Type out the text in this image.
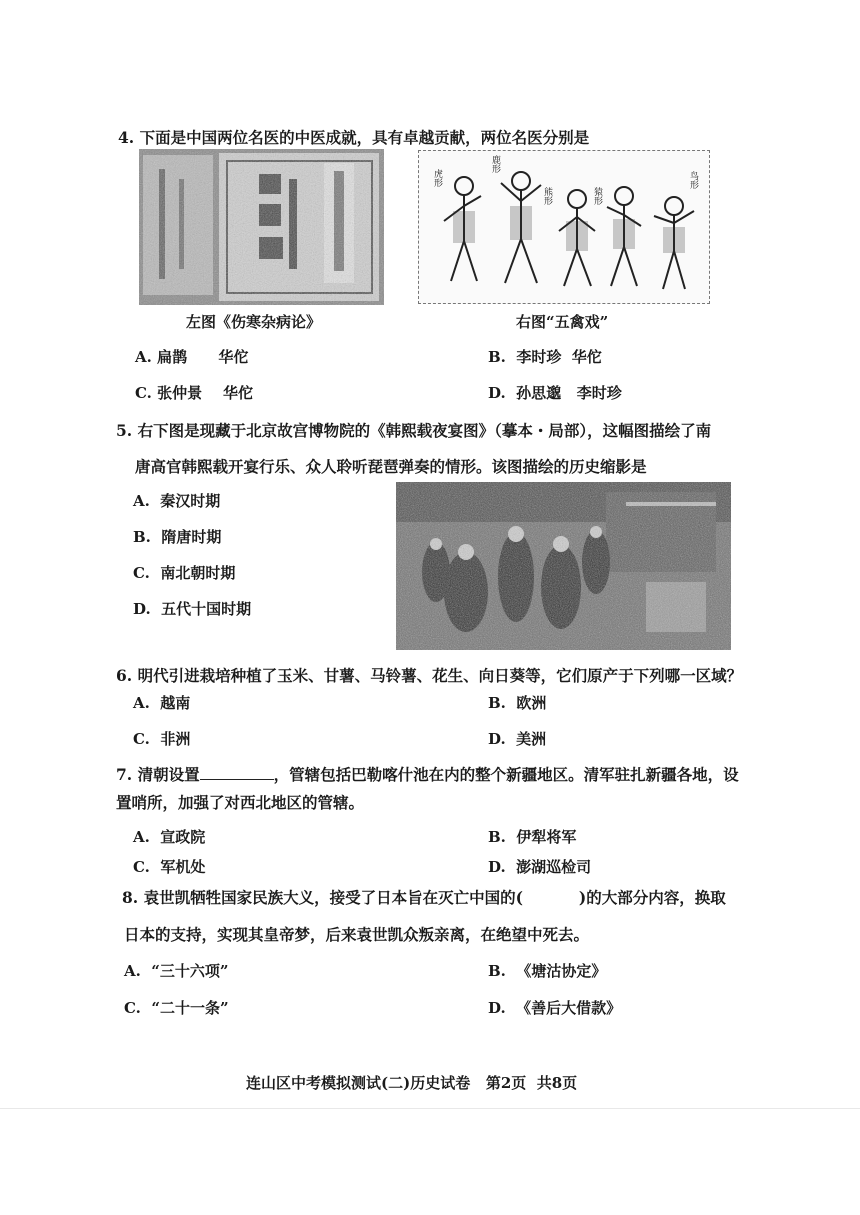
4. 下面是中国两位名医的中医成就，具有卓越贡献，两位名医分别是
虎形
鹿形
熊形	猿形
鸟形
左图《伤寒杂病论》	右图“五禽戏”
A. 扁鹊      华佗	B.  李时珍  华佗
C. 张仲景    华佗	D.  孙思邈   李时珍
5. 右下图是现藏于北京故宫博物院的《韩熙载夜宴图》（摹本・局部），这幅图描绘了南
唐高官韩熙载开宴行乐、众人聆听琵琶弹奏的情形。该图描绘的历史缩影是
A.  秦汉时期
B.  隋唐时期
C.  南北朝时期
D.  五代十国时期
6. 明代引进栽培种植了玉米、甘薯、马铃薯、花生、向日葵等，它们原产于下列哪一区域？
A.  越南	B.  欧洲
C.  非洲	D.  美洲
7. 清朝设置	，管辖包括巴勒喀什池在内的整个新疆地区。清军驻扎新疆各地，设
置哨所，加强了对西北地区的管辖。
A.  宣政院	B.  伊犁将军
C.  军机处	D.  澎湖巡检司
8. 袁世凯牺牲国家民族大义，接受了日本旨在灭亡中国的(	)的大部分内容，换取
日本的支持，实现其皇帝梦，后来袁世凯众叛亲离，在绝望中死去。
A.  “三十六项”	B.  《塘沽协定》
C.  “二十一条”	D.  《善后大借款》
连山区中考模拟测试(二)历史试卷   第2页  共8页
